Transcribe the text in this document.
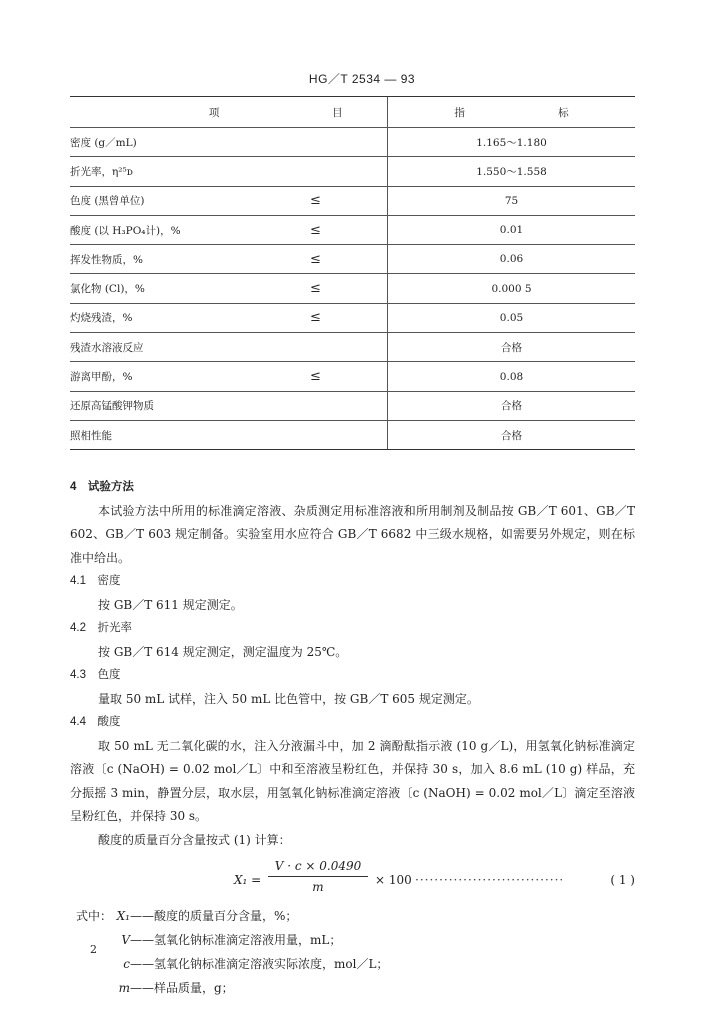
HG／T 2534 — 93
项 目		指 标
密度 (g／mL)		1.165～1.180
折光率，η²⁵ᴅ		1.550～1.558
色度 (黑曾单位)	≤	75
酸度 (以 H₃PO₄计)，%	≤	0.01
挥发性物质，%	≤	0.06
氯化物 (Cl)，%	≤	0.000 5
灼烧残渣，%	≤	0.05
残渣水溶液反应		合格
游离甲酚，%	≤	0.08
还原高锰酸钾物质		合格
照相性能		合格

4　试验方法

本试验方法中所用的标准滴定溶液、杂质测定用标准溶液和所用制剂及制品按 GB／T 601、GB／T 602、GB／T 603 规定制备。实验室用水应符合 GB／T 6682 中三级水规格，如需要另外规定，则在标准中给出。

4.1　密度

按 GB／T 611 规定测定。

4.2　折光率

按 GB／T 614 规定测定，测定温度为 25℃。

4.3　色度

量取 50 mL 试样，注入 50 mL 比色管中，按 GB／T 605 规定测定。

4.4　酸度

取 50 mL 无二氧化碳的水，注入分液漏斗中，加 2 滴酚酞指示液 (10 g／L)，用氢氧化钠标准滴定溶液〔c (NaOH) = 0.02 mol／L〕中和至溶液呈粉红色，并保持 30 s，加入 8.6 mL (10 g) 样品，充分振摇 3 min，静置分层，取水层，用氢氧化钠标准滴定溶液〔c (NaOH) = 0.02 mol／L〕滴定至溶液呈粉红色，并保持 30 s。

酸度的质量百分含量按式 (1) 计算：

$X_1 = \frac{V \cdot c \times 0.0490}{m} \times 100$ ·······························	( 1 )
式中： X₁ ——酸度的质量百分含量，%；
V ——氢氧化钠标准滴定溶液用量，mL；
c ——氢氧化钠标准滴定溶液实际浓度，mol／L；
m ——样品质量，g；
2
